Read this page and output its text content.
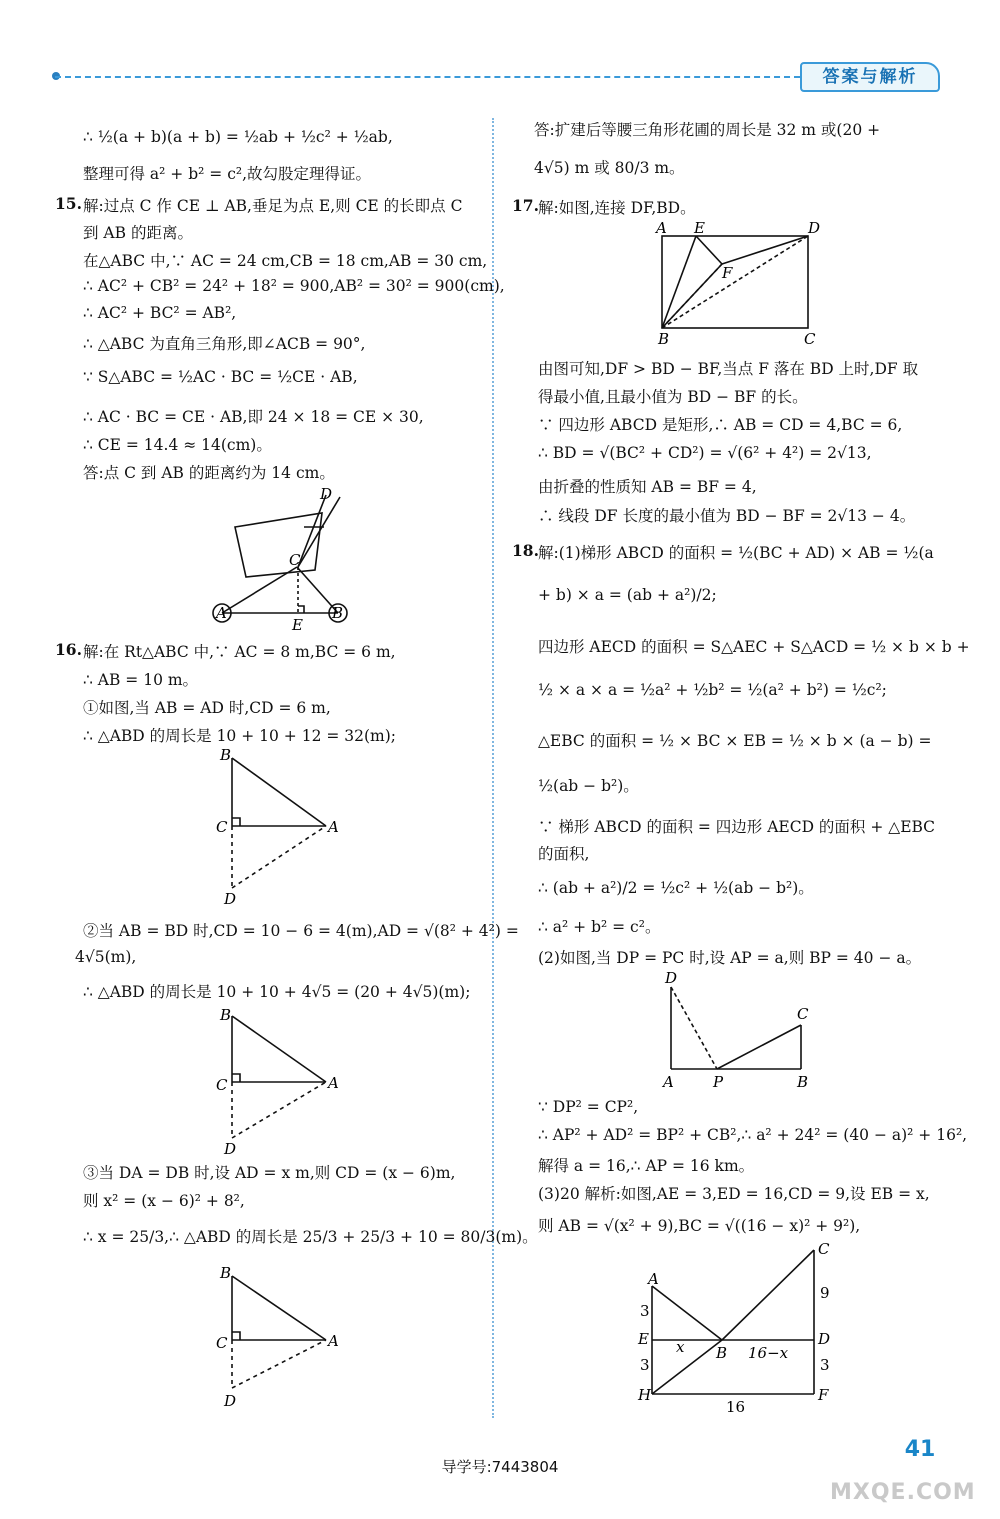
答案与解析

∴ ½(a + b)(a + b) = ½ab + ½c² + ½ab,

整理可得 a² + b² = c²,故勾股定理得证。

15. 解:过点 C 作 CE ⊥ AB,垂足为点 E,则 CE 的长即点 C

到 AB 的距离。

在△ABC 中,∵ AC = 24 cm,CB = 18 cm,AB = 30 cm,

∴ AC² + CB² = 24² + 18² = 900,AB² = 30² = 900(cm),

∴ AC² + BC² = AB²,

∴ △ABC 为直角三角形,即∠ACB = 90°,

∵ S△ABC = ½AC · BC = ½CE · AB,

∴ AC · BC = CE · AB,即 24 × 18 = CE × 30,

∴ CE = 14.4 ≈ 14(cm)。

答:点 C 到 AB 的距离约为 14 cm。

16. 解:在 Rt△ABC 中,∵ AC = 8 m,BC = 6 m,

∴ AB = 10 m。

①如图,当 AB = AD 时,CD = 6 m,

∴ △ABD 的周长是 10 + 10 + 12 = 32(m);

②当 AB = BD 时,CD = 10 − 6 = 4(m),AD = √(8² + 4²) =

4√5(m),

∴ △ABD 的周长是 10 + 10 + 4√5 = (20 + 4√5)(m);

③当 DA = DB 时,设 AD = x m,则 CD = (x − 6)m,

则 x² = (x − 6)² + 8²,

∴ x = 25/3,∴ △ABD 的周长是 25/3 + 25/3 + 10 = 80/3(m)。

D
C
A	B
E
B
C	A
D
B
C	A
D
B
C	A
D

答:扩建后等腰三角形花圃的周长是 32 m 或(20 +

4√5) m 或 80/3 m。

17. 解:如图,连接 DF,BD。

由图可知,DF > BD − BF,当点 F 落在 BD 上时,DF 取

得最小值,且最小值为 BD − BF 的长。

∵ 四边形 ABCD 是矩形,∴ AB = CD = 4,BC = 6,

∴ BD = √(BC² + CD²) = √(6² + 4²) = 2√13,

由折叠的性质知 AB = BF = 4,

∴ 线段 DF 长度的最小值为 BD − BF = 2√13 − 4。

18. 解:(1)梯形 ABCD 的面积 = ½(BC + AD) × AB = ½(a

+ b) × a = (ab + a²)/2;

四边形 AECD 的面积 = S△AEC + S△ACD = ½ × b × b +

½ × a × a = ½a² + ½b² = ½(a² + b²) = ½c²;

△EBC 的面积 = ½ × BC × EB = ½ × b × (a − b) =

½(ab − b²)。

∵ 梯形 ABCD 的面积 = 四边形 AECD 的面积 + △EBC

的面积,

∴ (ab + a²)/2 = ½c² + ½(ab − b²)。

∴ a² + b² = c²。

(2)如图,当 DP = PC 时,设 AP = a,则 BP = 40 − a。

∵ DP² = CP²,

∴ AP² + AD² = BP² + CB²,∴ a² + 24² = (40 − a)² + 16²,

解得 a = 16,∴ AP = 16 km。

(3)20 解析:如图,AE = 3,ED = 16,CD = 9,设 EB = x,

则 AB = √(x² + 9),BC = √((16 − x)² + 9²),

A E	D
F
B	C
D
C
A	P	B
C
A
E	D
B
H	F
3
3
9
3
x	16−x
16
导学号:7443804
41
MXQE.COM
